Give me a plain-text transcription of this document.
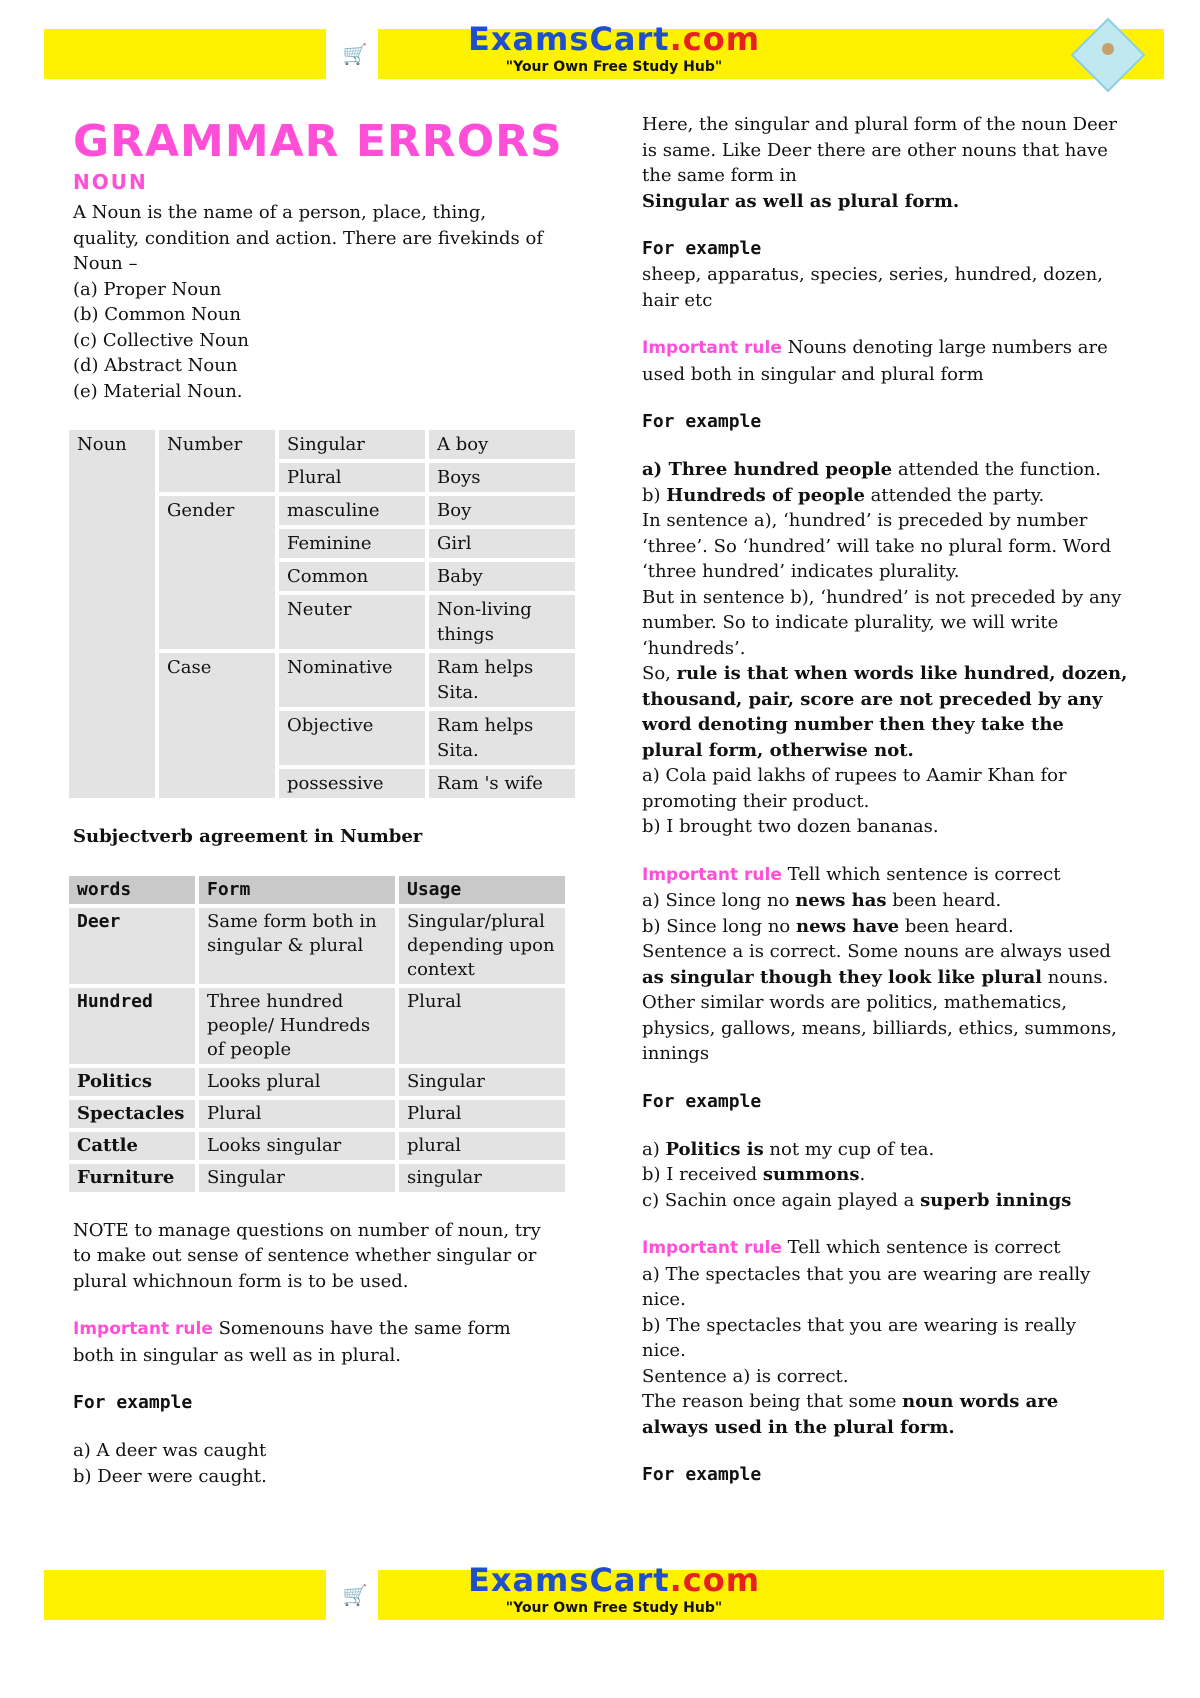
🛒	ExamsCart.com
"Your Own Free Study Hub"
GRAMMAR ERRORS
NOUN

A Noun is the name of a person, place, thing,

quality, condition and action. There are fivekinds of

Noun –

(a) Proper Noun

(b) Common Noun

(c) Collective Noun

(d) Abstract Noun

(e) Material Noun.

Noun	Number	Singular	A boy
		Plural	Boys
	Gender	masculine	Boy
		Feminine	Girl
		Common	Baby
		Neuter	Non-living things
	Case	Nominative	Ram helps Sita.
		Objective	Ram helps Sita.
		possessive	Ram 's wife

Subjectverb agreement in Number

words	Form	Usage
Deer	Same form both in singular & plural	Singular/plural depending upon context
Hundred	Three hundred people/ Hundreds of people	Plural
Politics	Looks plural	Singular
Spectacles	Plural	Plural
Cattle	Looks singular	plural
Furniture	Singular	singular

NOTE to manage questions on number of noun, try

to make out sense of sentence whether singular or

plural whichnoun form is to be used.

Important rule Somenouns have the same form

both in singular as well as in plural.

For example

a) A deer was caught

b) Deer were caught.

Here, the singular and plural form of the noun Deer

is same. Like Deer there are other nouns that have

the same form in

Singular as well as plural form.

For example

sheep, apparatus, species, series, hundred, dozen,

hair etc

Important rule Nouns denoting large numbers are

used both in singular and plural form

For example

a) Three hundred people attended the function.

b) Hundreds of people attended the party.

In sentence a), ‘hundred’ is preceded by number

‘three’. So ‘hundred’ will take no plural form. Word

‘three hundred’ indicates plurality.

But in sentence b), ‘hundred’ is not preceded by any

number. So to indicate plurality, we will write

‘hundreds’.

So, rule is that when words like hundred, dozen,

thousand, pair, score are not preceded by any

word denoting number then they take the

plural form, otherwise not.

a) Cola paid lakhs of rupees to Aamir Khan for

promoting their product.

b) I brought two dozen bananas.

Important rule Tell which sentence is correct

a) Since long no news has been heard.

b) Since long no news have been heard.

Sentence a is correct. Some nouns are always used

as singular though they look like plural nouns.

Other similar words are politics, mathematics,

physics, gallows, means, billiards, ethics, summons,

innings

For example

a) Politics is not my cup of tea.

b) I received summons.

c) Sachin once again played a superb innings

Important rule Tell which sentence is correct

a) The spectacles that you are wearing are really

nice.

b) The spectacles that you are wearing is really

nice.

Sentence a) is correct.

The reason being that some noun words are

always used in the plural form.

For example

🛒	ExamsCart.com
"Your Own Free Study Hub"
